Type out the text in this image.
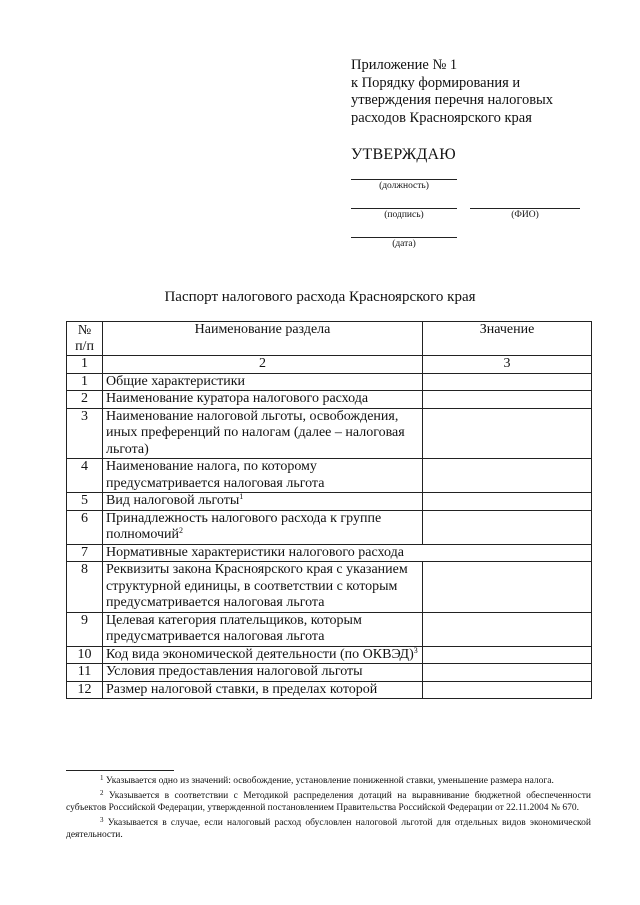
Приложение № 1
к Порядку формирования и
утверждения перечня налоговых
расходов Красноярского края
УТВЕРЖДАЮ
(должность)
(подпись)	(ФИО)
(дата)
Паспорт налогового расхода Красноярского края
№
п/п	Наименование раздела	Значение
1	2	3
1	Общие характеристики	
2	Наименование куратора налогового расхода	
3	Наименование налоговой льготы, освобождения, иных преференций по налогам (далее – налоговая льгота)	
4	Наименование налога, по которому предусматривается налоговая льгота	
5	Вид налоговой льготы$^1$	
6	Принадлежность налогового расхода к группе полномочий$^2$	
7	Нормативные характеристики налогового расхода	
8	Реквизиты закона Красноярского края с указанием структурной единицы, в соответствии с которым предусматривается налоговая льгота	
9	Целевая категория плательщиков, которым предусматривается налоговая льгота	
10	Код вида экономической деятельности (по ОКВЭД)$^3$	
11	Условия предоставления налоговой льготы	
12	Размер налоговой ставки, в пределах которой	

$^1$ Указывается одно из значений: освобождение, установление пониженной ставки, уменьшение размера налога.

$^2$ Указывается в соответствии с Методикой распределения дотаций на выравнивание бюджетной обеспеченности субъектов Российской Федерации, утвержденной постановлением Правительства Российской Федерации от 22.11.2004 № 670.

$^3$ Указывается в случае, если налоговый расход обусловлен налоговой льготой для отдельных видов экономической деятельности.
